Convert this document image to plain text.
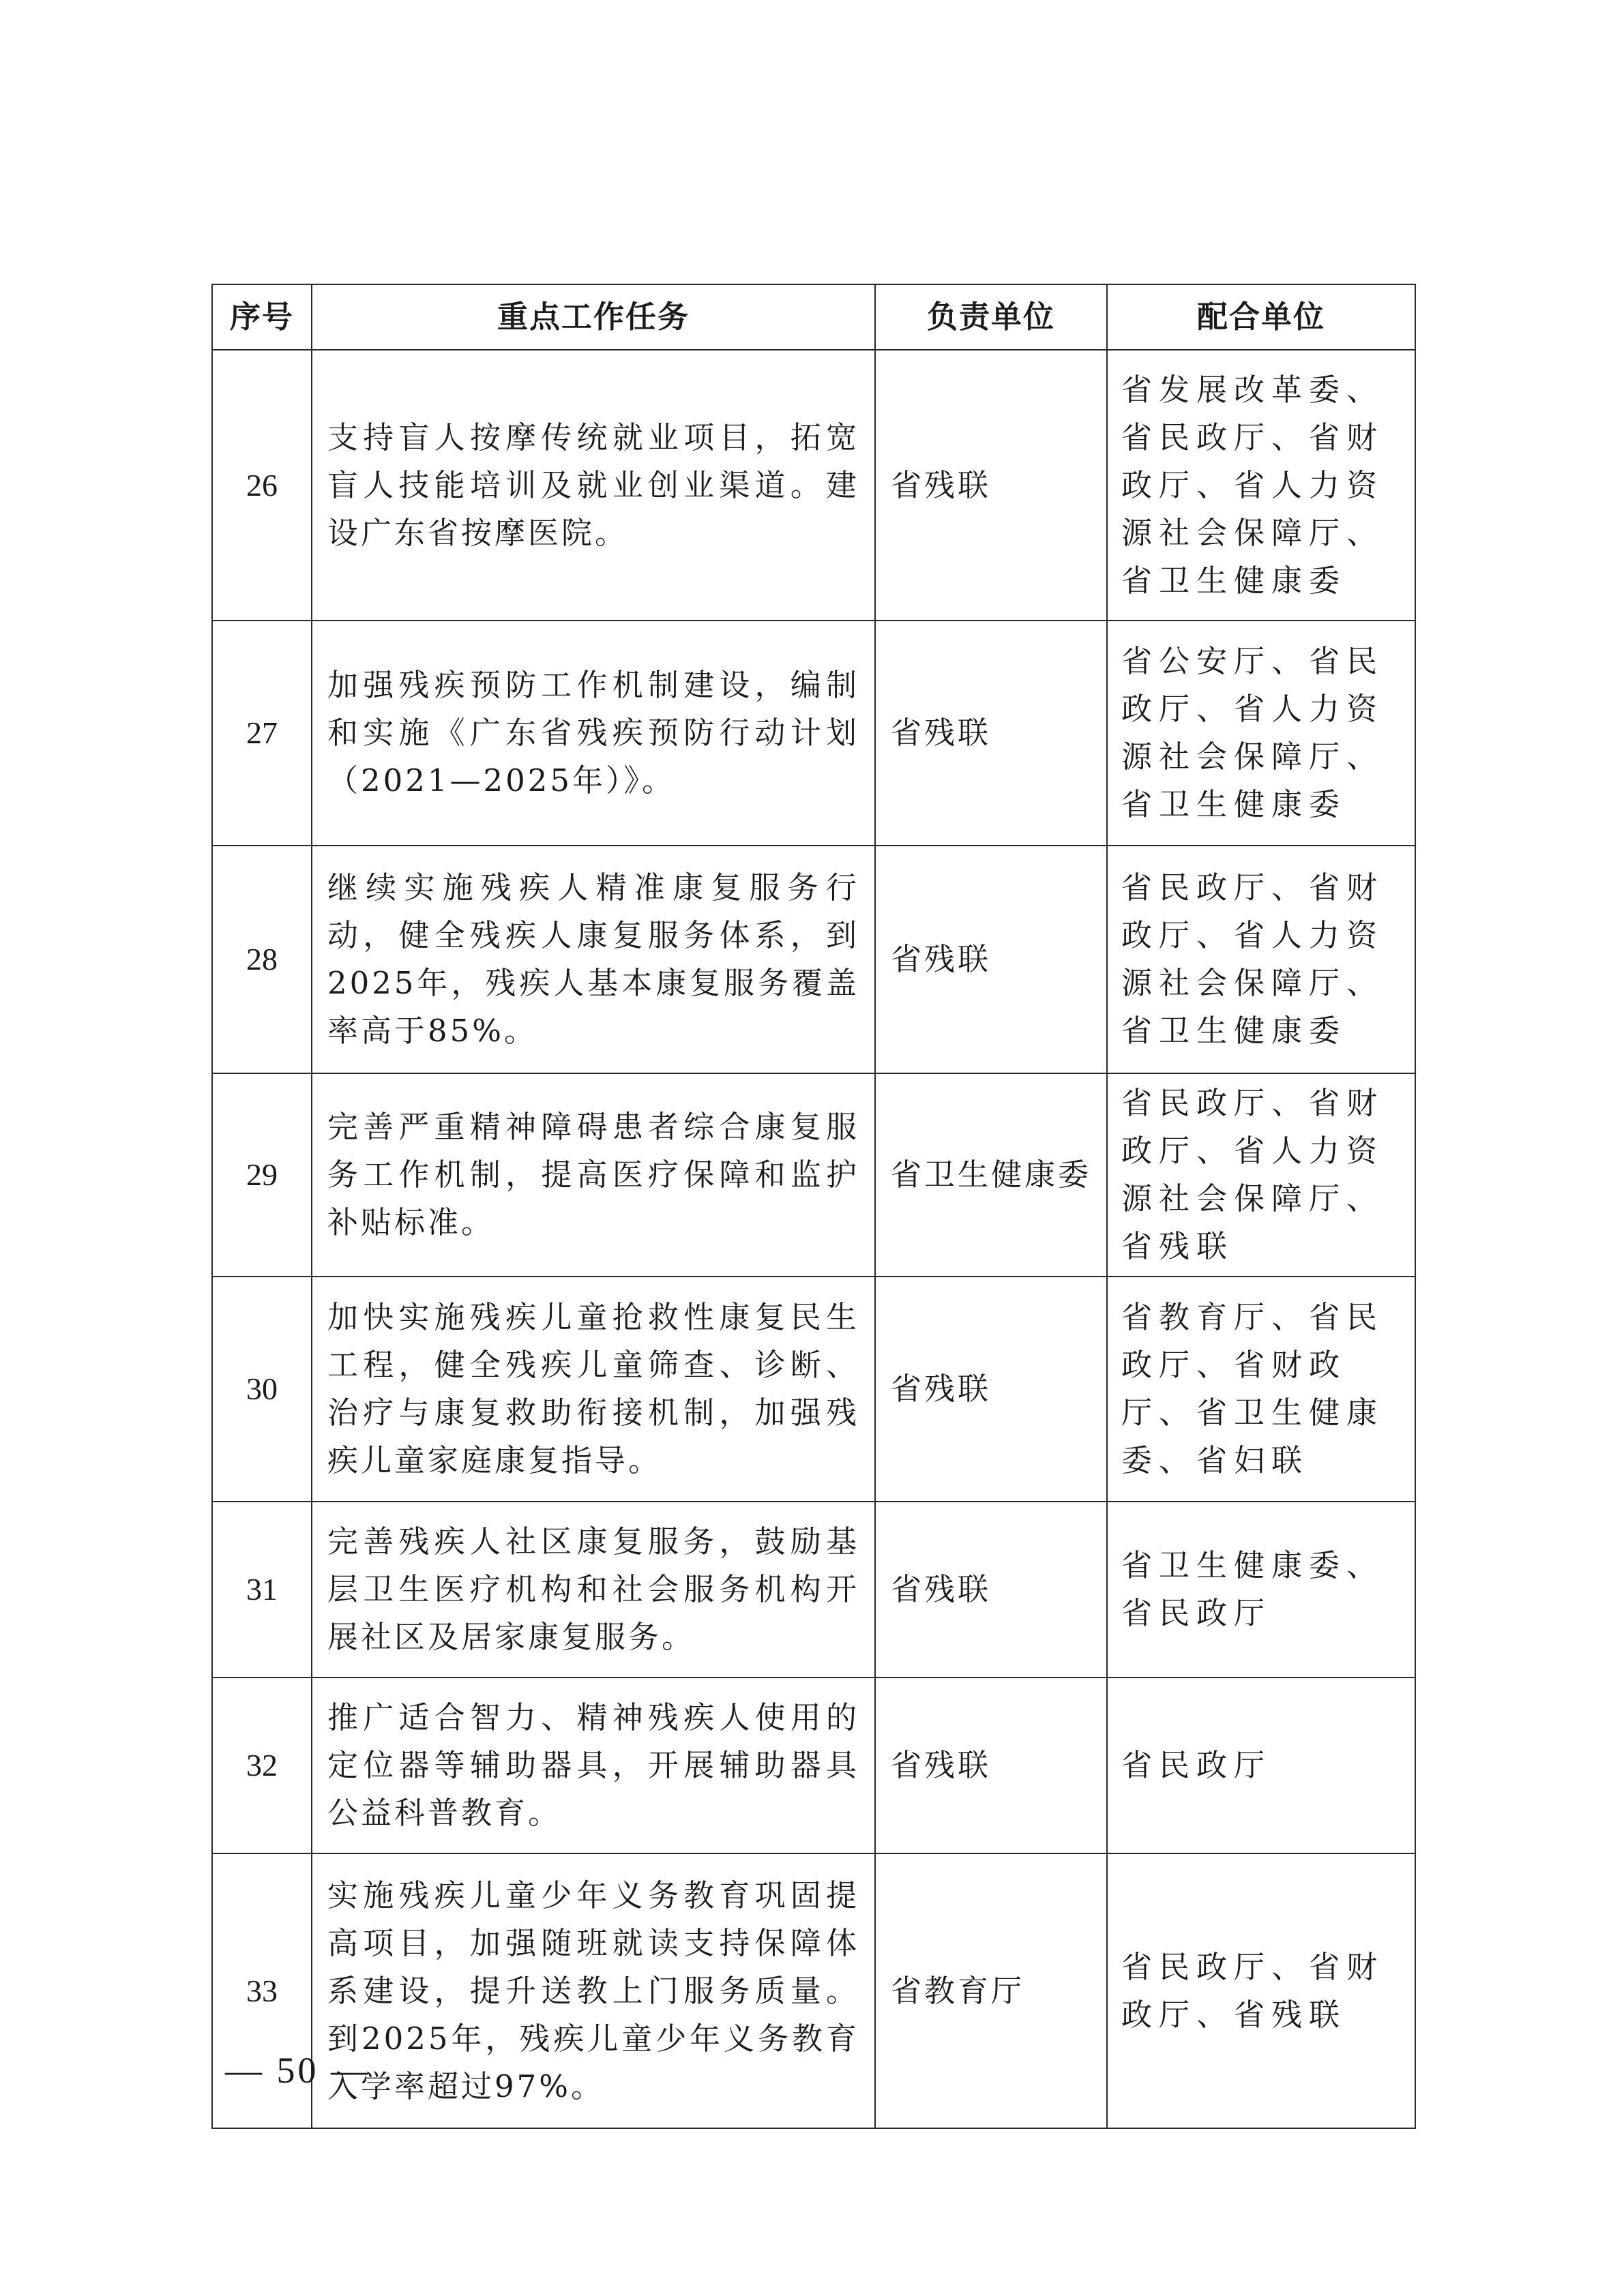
序号	重点工作任务	负责单位	配合单位
26	支持盲人按摩传统就业项目，拓宽盲人技能培训及就业创业渠道。建设广东省按摩医院。	省残联	省发展改革委、省民政厅、省财政厅、省人力资源社会保障厅、省卫生健康委
27	加强残疾预防工作机制建设，编制和实施《广东省残疾预防行动计划（2021—2025年）》。	省残联	省公安厅、省民政厅、省人力资源社会保障厅、省卫生健康委
28	继续实施残疾人精准康复服务行动，健全残疾人康复服务体系，到2025年，残疾人基本康复服务覆盖率高于85%。	省残联	省民政厅、省财政厅、省人力资源社会保障厅、省卫生健康委
29	完善严重精神障碍患者综合康复服务工作机制，提高医疗保障和监护补贴标准。	省卫生健康委	省民政厅、省财政厅、省人力资源社会保障厅、省残联
30	加快实施残疾儿童抢救性康复民生工程，健全残疾儿童筛查、诊断、治疗与康复救助衔接机制，加强残疾儿童家庭康复指导。	省残联	省教育厅、省民政厅、省财政厅、省卫生健康委、省妇联
31	完善残疾人社区康复服务，鼓励基层卫生医疗机构和社会服务机构开展社区及居家康复服务。	省残联	省卫生健康委、省民政厅
32	推广适合智力、精神残疾人使用的定位器等辅助器具，开展辅助器具公益科普教育。	省残联	省民政厅
33	实施残疾儿童少年义务教育巩固提高项目，加强随班就读支持保障体系建设，提升送教上门服务质量。到2025年，残疾儿童少年义务教育入学率超过97%。	省教育厅	省民政厅、省财政厅、省残联
— 50 —
